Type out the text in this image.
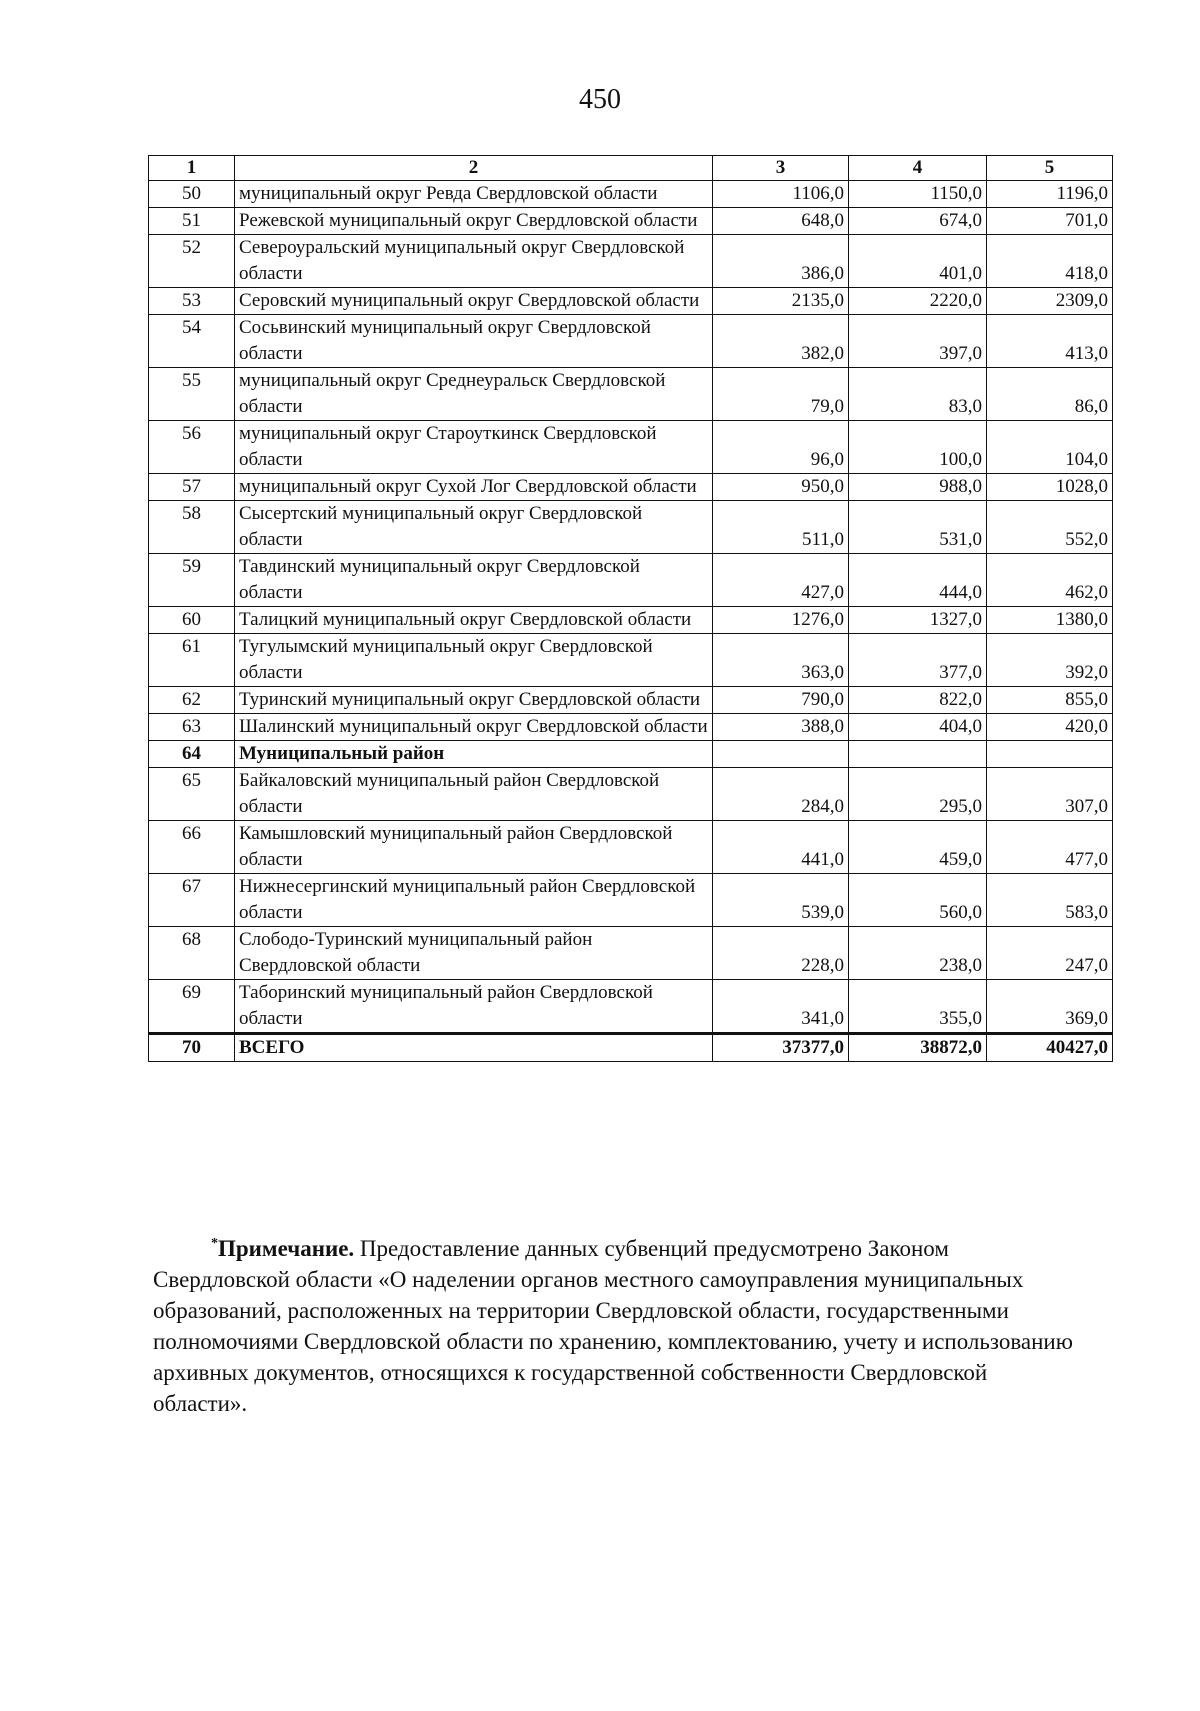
450
1	2	3	4	5
50	муниципальный округ Ревда Свердловской области	1106,0	1150,0	1196,0
51	Режевской муниципальный округ Свердловской области	648,0	674,0	701,0
52	Североуральский муниципальный округ Свердловской области	386,0	401,0	418,0
53	Серовский муниципальный округ Свердловской области	2135,0	2220,0	2309,0
54	Сосьвинский муниципальный округ Свердловской области	382,0	397,0	413,0
55	муниципальный округ Среднеуральск Свердловской области	79,0	83,0	86,0
56	муниципальный округ Староуткинск Свердловской области	96,0	100,0	104,0
57	муниципальный округ Сухой Лог Свердловской области	950,0	988,0	1028,0
58	Сысертский муниципальный округ Свердловской области	511,0	531,0	552,0
59	Тавдинский муниципальный округ Свердловской области	427,0	444,0	462,0
60	Талицкий муниципальный округ Свердловской области	1276,0	1327,0	1380,0
61	Тугулымский муниципальный округ Свердловской области	363,0	377,0	392,0
62	Туринский муниципальный округ Свердловской области	790,0	822,0	855,0
63	Шалинский муниципальный округ Свердловской области	388,0	404,0	420,0
64	Муниципальный район			
65	Байкаловский муниципальный район Свердловской области	284,0	295,0	307,0
66	Камышловский муниципальный район Свердловской области	441,0	459,0	477,0
67	Нижнесергинский муниципальный район Свердловской области	539,0	560,0	583,0
68	Слободо-Туринский муниципальный район Свердловской области	228,0	238,0	247,0
69	Таборинский муниципальный район Свердловской области	341,0	355,0	369,0
70	ВСЕГО	37377,0	38872,0	40427,0

*Примечание. Предоставление данных субвенций предусмотрено Законом Свердловской области «О наделении органов местного самоуправления муниципальных образований, расположенных на территории Свердловской области, государственными полномочиями Свердловской области по хранению, комплектованию, учету и использованию архивных документов, относящихся к государственной собственности Свердловской области».
